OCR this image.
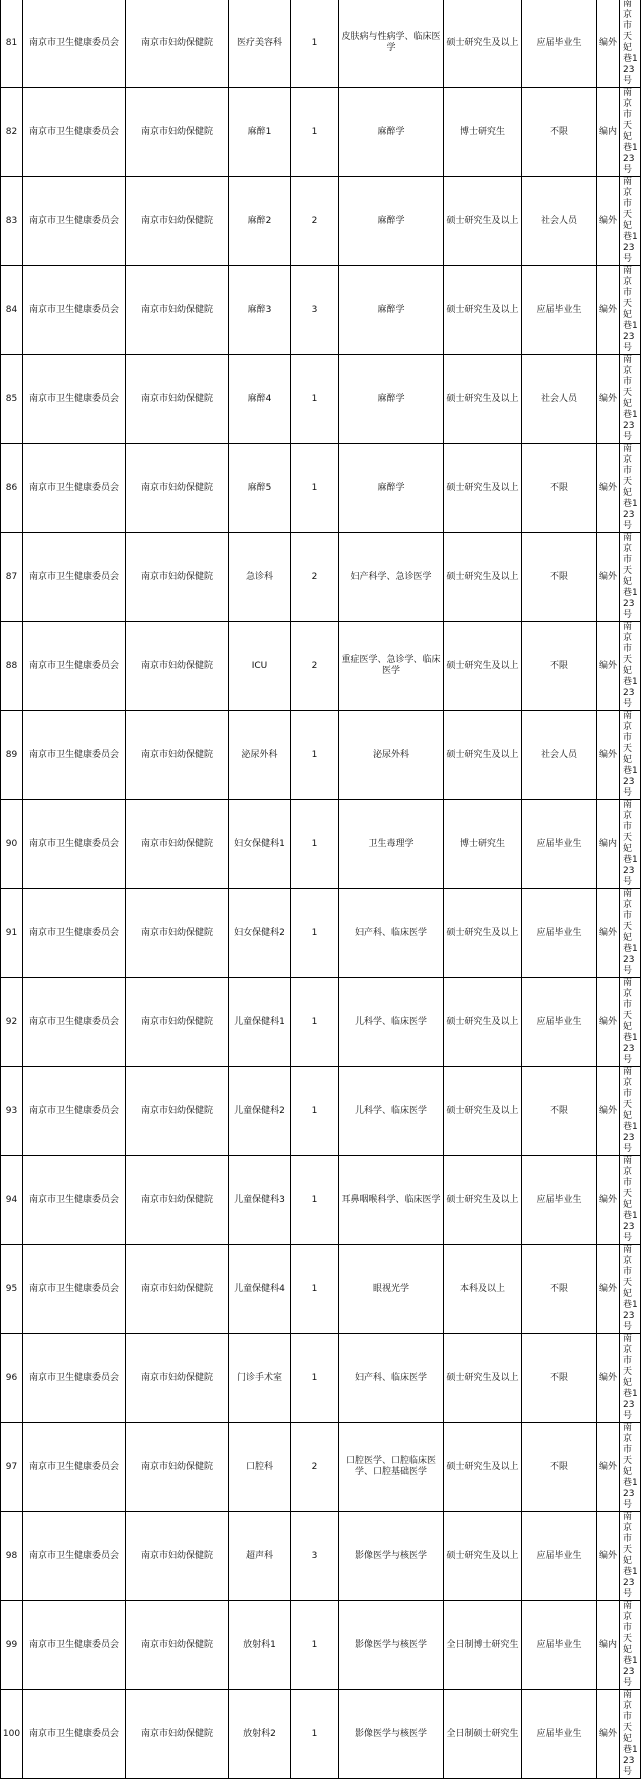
81	南京市卫生健康委员会	南京市妇幼保健院	医疗美容科	1	皮肤病与性病学、临床医学	硕士研究生及以上	应届毕业生	编外	南京市天妃巷123号
82	南京市卫生健康委员会	南京市妇幼保健院	麻醉1	1	麻醉学	博士研究生	不限	编内	南京市天妃巷123号
83	南京市卫生健康委员会	南京市妇幼保健院	麻醉2	2	麻醉学	硕士研究生及以上	社会人员	编外	南京市天妃巷123号
84	南京市卫生健康委员会	南京市妇幼保健院	麻醉3	3	麻醉学	硕士研究生及以上	应届毕业生	编外	南京市天妃巷123号
85	南京市卫生健康委员会	南京市妇幼保健院	麻醉4	1	麻醉学	硕士研究生及以上	社会人员	编外	南京市天妃巷123号
86	南京市卫生健康委员会	南京市妇幼保健院	麻醉5	1	麻醉学	硕士研究生及以上	不限	编外	南京市天妃巷123号
87	南京市卫生健康委员会	南京市妇幼保健院	急诊科	2	妇产科学、急诊医学	硕士研究生及以上	不限	编外	南京市天妃巷123号
88	南京市卫生健康委员会	南京市妇幼保健院	ICU	2	重症医学、急诊学、临床医学	硕士研究生及以上	不限	编外	南京市天妃巷123号
89	南京市卫生健康委员会	南京市妇幼保健院	泌尿外科	1	泌尿外科	硕士研究生及以上	社会人员	编外	南京市天妃巷123号
90	南京市卫生健康委员会	南京市妇幼保健院	妇女保健科1	1	卫生毒理学	博士研究生	应届毕业生	编内	南京市天妃巷123号
91	南京市卫生健康委员会	南京市妇幼保健院	妇女保健科2	1	妇产科、临床医学	硕士研究生及以上	应届毕业生	编外	南京市天妃巷123号
92	南京市卫生健康委员会	南京市妇幼保健院	儿童保健科1	1	儿科学、临床医学	硕士研究生及以上	应届毕业生	编外	南京市天妃巷123号
93	南京市卫生健康委员会	南京市妇幼保健院	儿童保健科2	1	儿科学、临床医学	硕士研究生及以上	不限	编外	南京市天妃巷123号
94	南京市卫生健康委员会	南京市妇幼保健院	儿童保健科3	1	耳鼻咽喉科学、临床医学	硕士研究生及以上	应届毕业生	编外	南京市天妃巷123号
95	南京市卫生健康委员会	南京市妇幼保健院	儿童保健科4	1	眼视光学	本科及以上	不限	编外	南京市天妃巷123号
96	南京市卫生健康委员会	南京市妇幼保健院	门诊手术室	1	妇产科、临床医学	硕士研究生及以上	不限	编外	南京市天妃巷123号
97	南京市卫生健康委员会	南京市妇幼保健院	口腔科	2	口腔医学、口腔临床医学、口腔基础医学	硕士研究生及以上	不限	编外	南京市天妃巷123号
98	南京市卫生健康委员会	南京市妇幼保健院	超声科	3	影像医学与核医学	硕士研究生及以上	应届毕业生	编外	南京市天妃巷123号
99	南京市卫生健康委员会	南京市妇幼保健院	放射科1	1	影像医学与核医学	全日制博士研究生	应届毕业生	编内	南京市天妃巷123号
100	南京市卫生健康委员会	南京市妇幼保健院	放射科2	1	影像医学与核医学	全日制硕士研究生	应届毕业生	编外	南京市天妃巷123号
